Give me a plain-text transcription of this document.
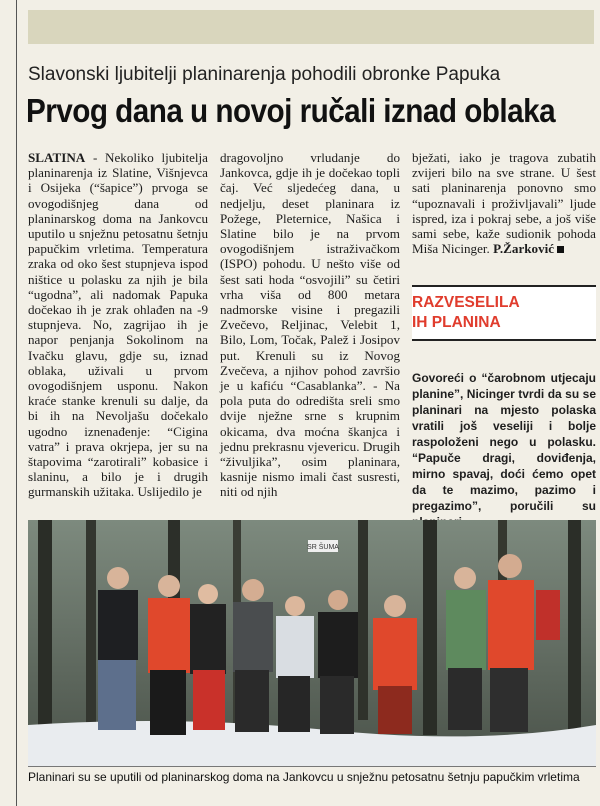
Slavonski ljubitelji planinarenja pohodili obronke Papuka
Prvog dana u novoj ručali iznad oblaka
SLATINA - Nekoliko ljubitelja planinarenja iz Slatine, Višnjevca i Osijeka (“šapice”) prvoga se ovogodišnjeg dana od planinarskog doma na Jankovcu uputilo u snježnu petosatnu šetnju papučkim vrletima. Temperatura zraka od oko šest stupnjeva ispod ništice u polasku za njih je bila “ugodna”, ali nadomak Papuka dočekao ih je zrak ohlađen na -9 stupnjeva. No, zagrijao ih je napor penjanja Sokolinom na Ivačku glavu, gdje su, iznad oblaka, uživali u prvom ovogodišnjem usponu. Nakon kraće stanke krenuli su dalje, da bi ih na Nevoljašu dočekalo ugodno iznenađenje: “Cigina vatra” i prava okrjepa, jer su na štapovima “zarotirali” kobasice i slaninu, a bilo je i drugih gurmanskih užitaka. Uslijedilo je
dragovoljno vrludanje do Jankovca, gdje ih je dočekao topli čaj. Već sljedećeg dana, u nedjelju, deset planinara iz Požege, Pleternice, Našica i Slatine bilo je na prvom ovogodišnjem istraživačkom (ISPO) pohodu. U nešto više od šest sati hoda “osvojili” su četiri vrha viša od 800 metara nadmorske visine i pregazili Zvečevo, Reljinac, Velebit 1, Bilo, Lom, Točak, Palež i Josipov put. Krenuli su iz Novog Zvečeva, a njihov pohod završio je u kafiću “Casablanka”. - Na pola puta do odredišta sreli smo dvije nježne srne s krupnim okicama, dva moćna škanjca i jednu prekrasnu vjevericu. Drugih “živuljika”, osim planinara, kasnije nismo imali čast susresti, niti od njih
bježati, iako je tragova zubatih zvijeri bilo na sve strane. U šest sati planinarenja ponovno smo “upoznavali i proživljavali” ljude ispred, iza i pokraj sebe, a još više sami sebe, kaže sudionik pohoda Miša Nicinger. P.Žarković
RAZVESELILA
IH PLANINA
Govoreći o “čarobnom utjecaju planine”, Nicinger tvrdi da su se planinari na mjesto polaska vratili još veseliji i bolje raspoloženi nego u polasku. “Papuče dragi, doviđenja, mirno spavaj, doći ćemo opet da te mazimo, pazimo i pregazimo”, poručili su
SR ŠUMA
Planinari su se uputili od planinarskog doma na Jankovcu u snježnu petosatnu šetnju papučkim vrletima
